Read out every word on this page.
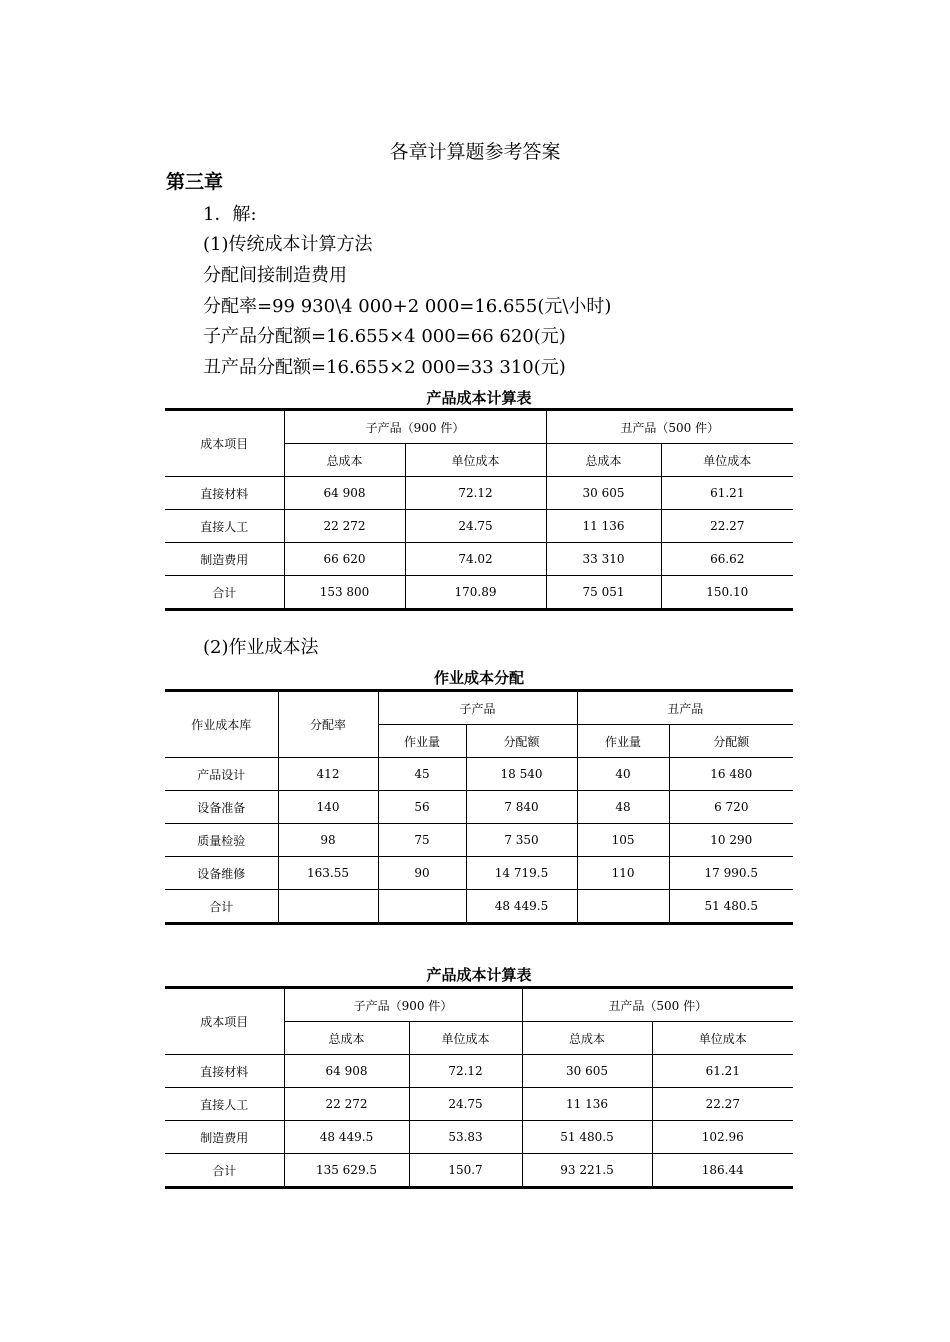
各章计算题参考答案
第三章
1．解:
(1)传统成本计算方法
分配间接制造费用
分配率=99 930\4 000+2 000=16.655(元\小时)
子产品分配额=16.655×4 000=66 620(元)
丑产品分配额=16.655×2 000=33 310(元)
产品成本计算表
成本项目	子产品（900 件）		丑产品（500 件）	
	总成本	单位成本	总成本	单位成本
直接材料	64 908	72.12	30 605	61.21
直接人工	22 272	24.75	11 136	22.27
制造费用	66 620	74.02	33 310	66.62
合计	153 800	170.89	75 051	150.10
(2)作业成本法
作业成本分配
作业成本库	分配率	子产品		丑产品	
		作业量	分配额	作业量	分配额
产品设计	412	45	18 540	40	16 480
设备准备	140	56	7 840	48	6 720
质量检验	98	75	7 350	105	10 290
设备维修	163.55	90	14 719.5	110	17 990.5
合计			48 449.5		51 480.5
产品成本计算表
成本项目	子产品（900 件）		丑产品（500 件）	
	总成本	单位成本	总成本	单位成本
直接材料	64 908	72.12	30 605	61.21
直接人工	22 272	24.75	11 136	22.27
制造费用	48 449.5	53.83	51 480.5	102.96
合计	135 629.5	150.7	93 221.5	186.44
